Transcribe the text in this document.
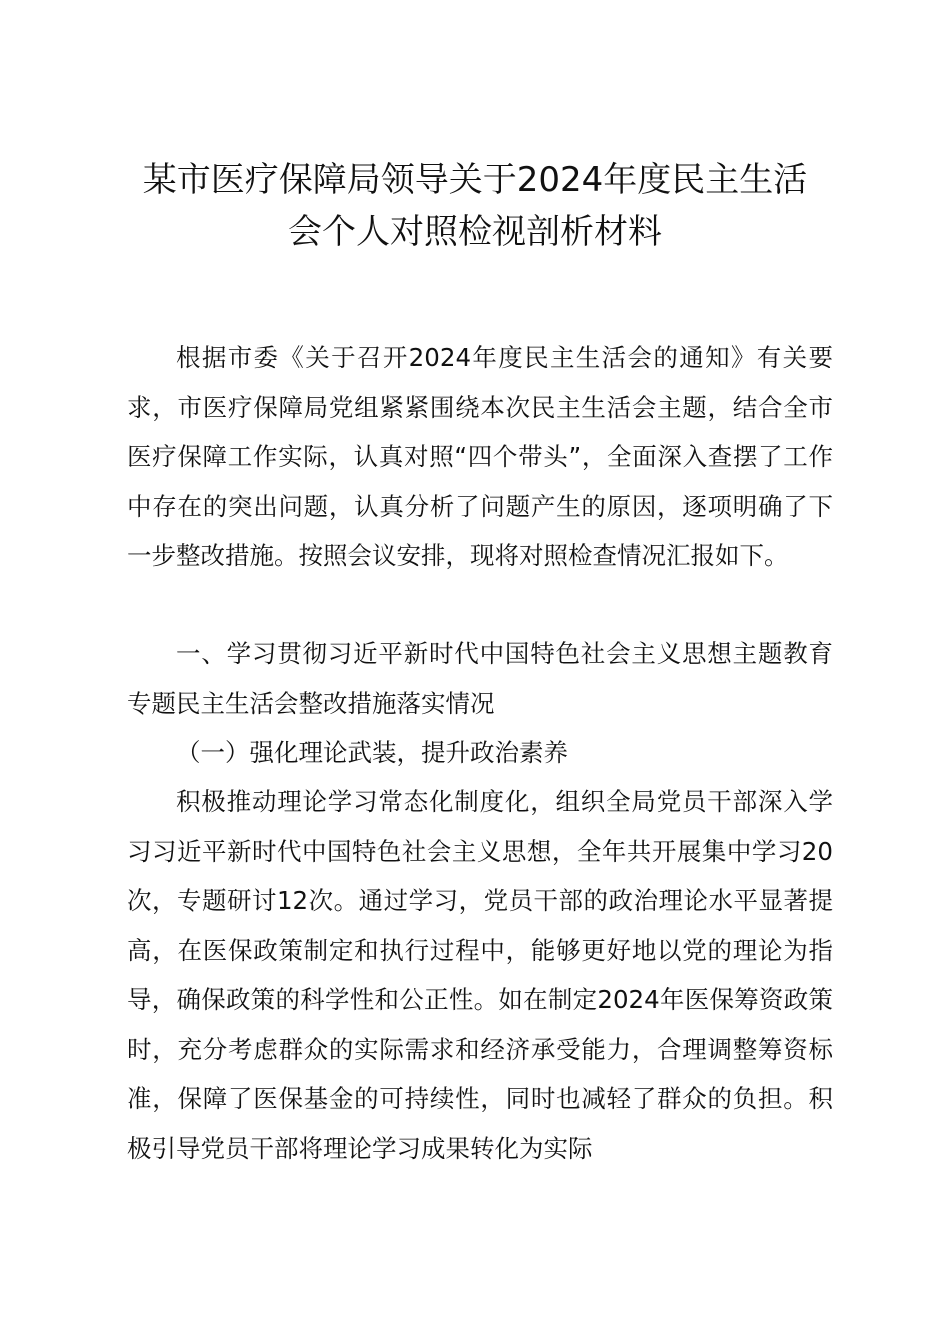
某市医疗保障局领导关于2024年度民主生活
会个人对照检视剖析材料

根据市委《关于召开2024年度民主生活会的通知》有关要求，市医疗保障局党组紧紧围绕本次民主生活会主题，结合全市医疗保障工作实际，认真对照“四个带头”，全面深入查摆了工作中存在的突出问题，认真分析了问题产生的原因，逐项明确了下一步整改措施。按照会议安排，现将对照检查情况汇报如下。

一、学习贯彻习近平新时代中国特色社会主义思想主题教育专题民主生活会整改措施落实情况

（一）强化理论武装，提升政治素养

积极推动理论学习常态化制度化，组织全局党员干部深入学习习近平新时代中国特色社会主义思想，全年共开展集中学习20次，专题研讨12次。通过学习，党员干部的政治理论水平显著提高，在医保政策制定和执行过程中，能够更好地以党的理论为指导，确保政策的科学性和公正性。如在制定2024年医保筹资政策时，充分考虑群众的实际需求和经济承受能力，合理调整筹资标准，保障了医保基金的可持续性，同时也减轻了群众的负担。积极引导党员干部将理论学习成果转化为实际
